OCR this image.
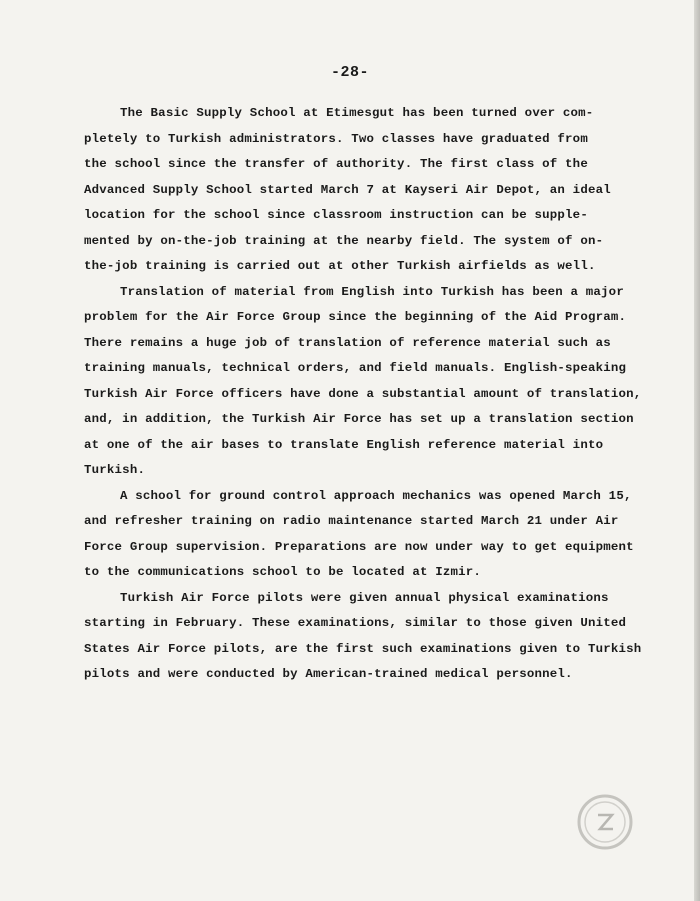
-28-
The Basic Supply School at Etimesgut has been turned over com-
pletely to Turkish administrators. Two classes have graduated from
the school since the transfer of authority. The first class of the
Advanced Supply School started March 7 at Kayseri Air Depot, an ideal
location for the school since classroom instruction can be supple-
mented by on-the-job training at the nearby field. The system of on-
the-job training is carried out at other Turkish airfields as well.
Translation of material from English into Turkish has been a major
problem for the Air Force Group since the beginning of the Aid Program.
There remains a huge job of translation of reference material such as
training manuals, technical orders, and field manuals. English-speaking
Turkish Air Force officers have done a substantial amount of translation,
and, in addition, the Turkish Air Force has set up a translation section
at one of the air bases to translate English reference material into
Turkish.
A school for ground control approach mechanics was opened March 15,
and refresher training on radio maintenance started March 21 under Air
Force Group supervision. Preparations are now under way to get equipment
to the communications school to be located at Izmir.
Turkish Air Force pilots were given annual physical examinations
starting in February. These examinations, similar to those given United
States Air Force pilots, are the first such examinations given to Turkish
pilots and were conducted by American-trained medical personnel.
